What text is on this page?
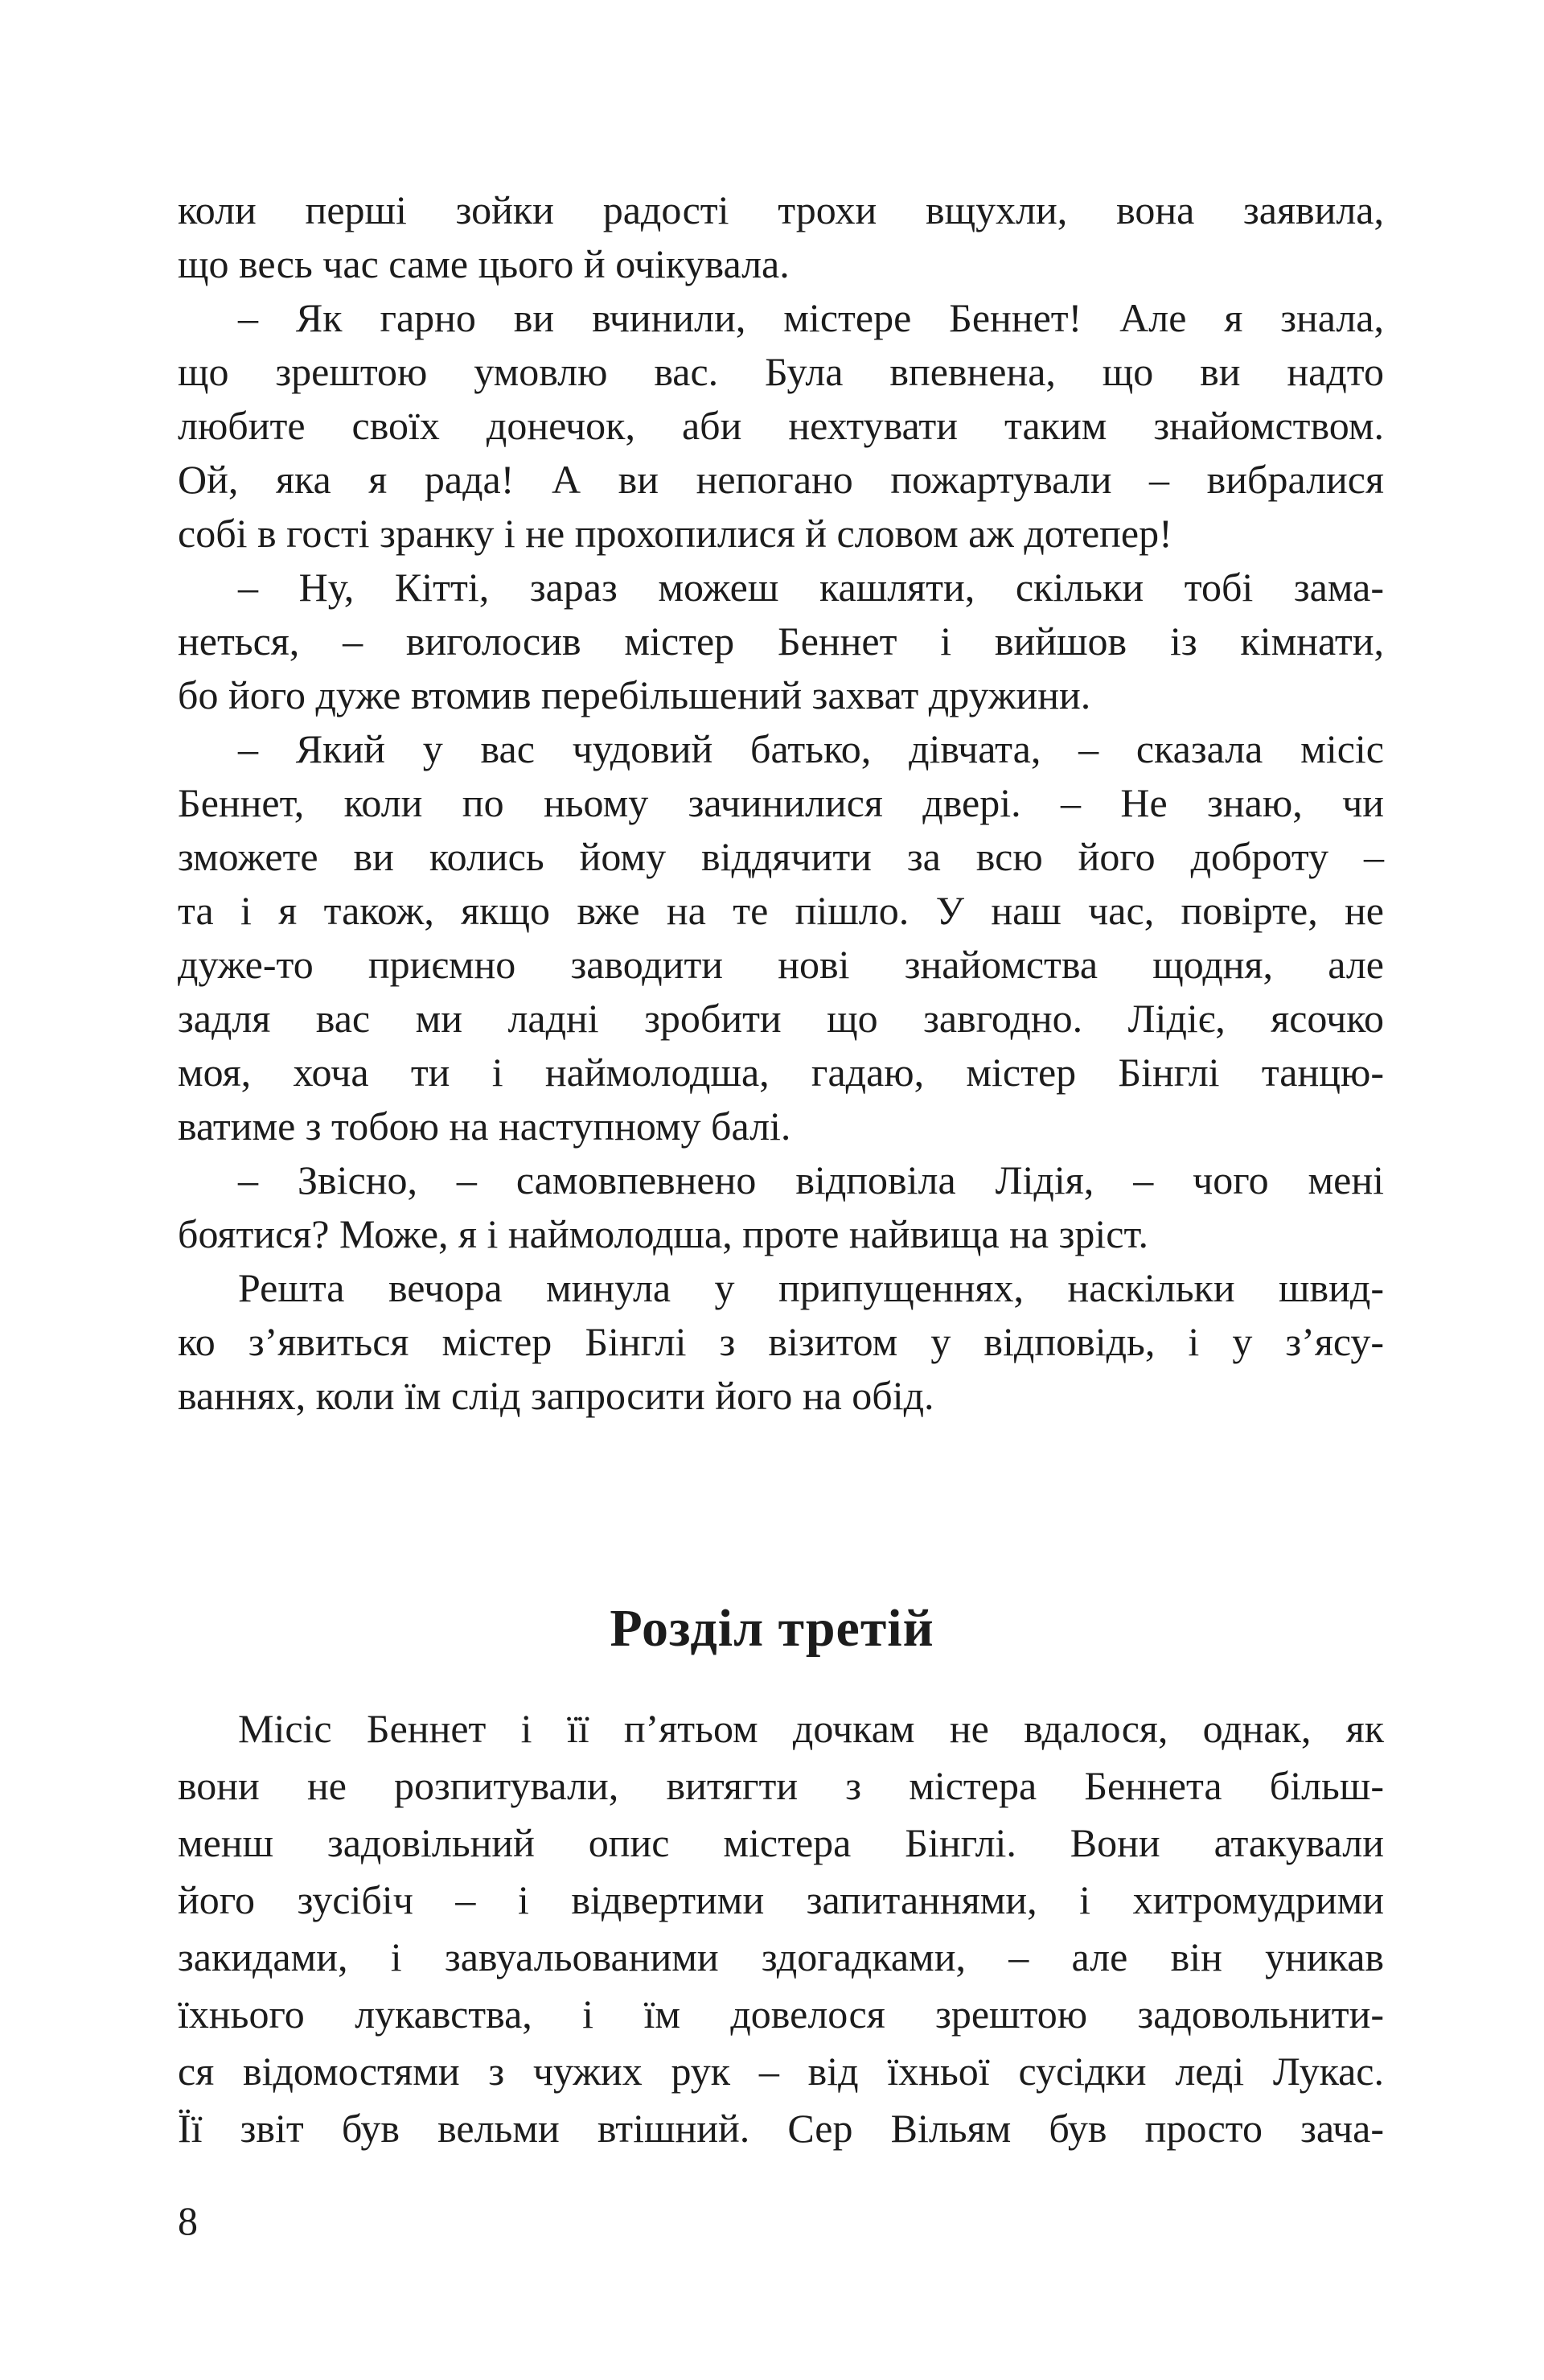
коли перші зойки радості трохи вщухли, вона заявила,
що весь час саме цього й очікувала.
– Як гарно ви вчинили, містере Беннет! Але я знала,
що зрештою умовлю вас. Була впевнена, що ви надто
любите своїх донечок, аби нехтувати таким знайомством.
Ой, яка я рада! А ви непогано пожартували – вибралися
собі в гості зранку і не прохопилися й словом аж дотепер!
– Ну, Кітті, зараз можеш кашляти, скільки тобі зама-
неться, – виголосив містер Беннет і вийшов із кімнати,
бо його дуже втомив перебільшений захват дружини.
– Який у вас чудовий батько, дівчата, – сказала місіс
Беннет, коли по ньому зачинилися двері. – Не знаю, чи
зможете ви колись йому віддячити за всю його доброту –
та і я також, якщо вже на те пішло. У наш час, повірте, не
дуже-то приємно заводити нові знайомства щодня, але
задля вас ми ладні зробити що завгодно. Лідіє, ясочко
моя, хоча ти і наймолодша, гадаю, містер Бінглі танцю-
ватиме з тобою на наступному балі.
– Звісно, – самовпевнено відповіла Лідія, – чого мені
боятися? Може, я і наймолодша, проте найвища на зріст.
Решта вечора минула у припущеннях, наскільки швид-
ко з’явиться містер Бінглі з візитом у відповідь, і у з’ясу-
ваннях, коли їм слід запросити його на обід.
Розділ третій
Місіс Беннет і її п’ятьом дочкам не вдалося, однак, як
вони не розпитували, витягти з містера Беннета більш-
менш задовільний опис містера Бінглі. Вони атакували
його зусібіч – і відвертими запитаннями, і хитромудрими
закидами, і завуальованими здогадками, – але він уникав
їхнього лукавства, і їм довелося зрештою задовольнити-
ся відомостями з чужих рук – від їхньої сусідки леді Лукас.
Її звіт був вельми втішний. Сер Вільям був просто зача-
8
